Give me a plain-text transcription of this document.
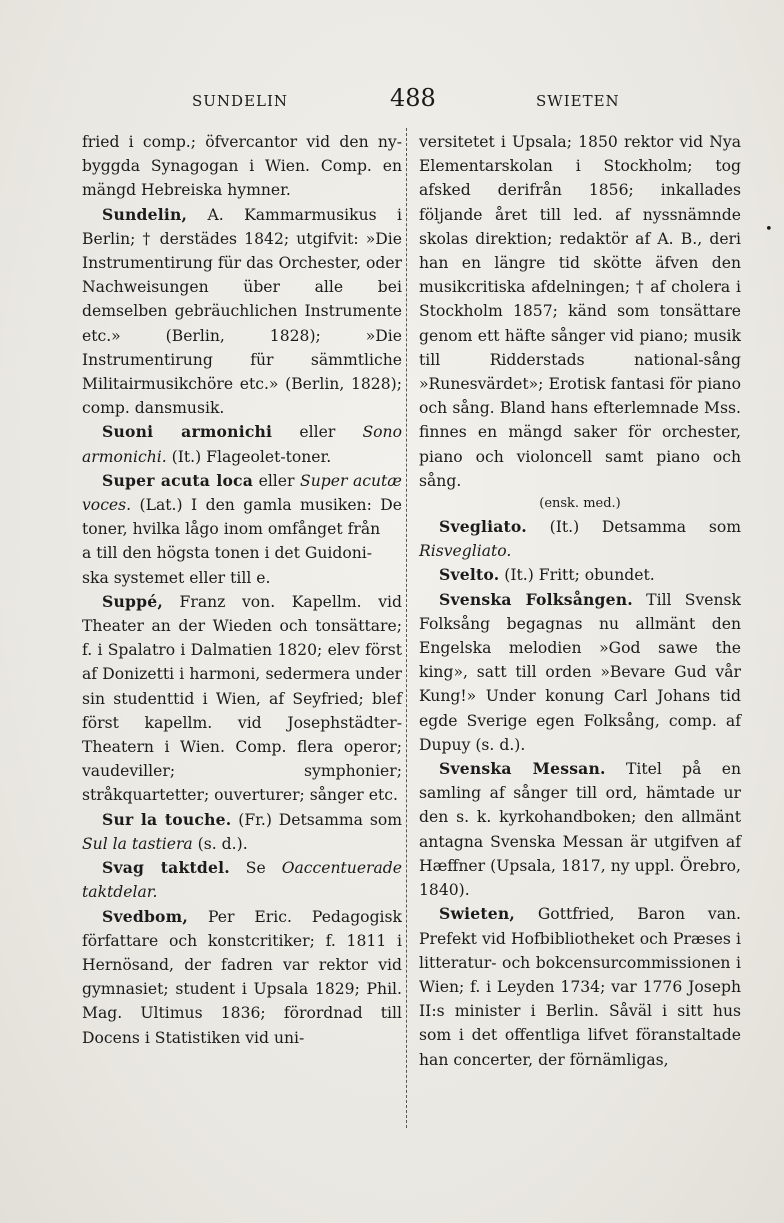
SUNDELIN	488	SWIETEN

fried i comp.; öfvercantor vid den ny-byggda Synagogan i Wien. Comp. en mängd Hebreiska hymner.

Sundelin, A. Kammarmusikus i Berlin; † derstädes 1842; utgifvit: »Die Instrumentirung für das Orchester, oder Nachweisungen über alle bei demselben gebräuchlichen Instrumente etc.» (Berlin, 1828); »Die Instrumentirung für sämmtliche Militairmusikchöre etc.» (Berlin, 1828); comp. dansmusik.

Suoni armonichi eller Sono armonichi. (It.) Flageolet-toner.

Super acuta loca eller Super acutæ voces. (Lat.) I den gamla musiken: De toner, hvilka lågo inom omfånget från

a till den högsta tonen i det Guidoni-

ska systemet eller till e.

Suppé, Franz von. Kapellm. vid Theater an der Wieden och tonsättare; f. i Spalatro i Dalmatien 1820; elev först af Donizetti i harmoni, sedermera under sin studenttid i Wien, af Seyfried; blef först kapellm. vid Josephstädter-Theatern i Wien. Comp. flera operor; vaudeviller; symphonier; stråkquartetter; ouverturer; sånger etc.

Sur la touche. (Fr.) Detsamma som Sul la tastiera (s. d.).

Svag taktdel. Se Oaccentuerade taktdelar.

Svedbom, Per Eric. Pedagogisk författare och konstcritiker; f. 1811 i Hernösand, der fadren var rektor vid gymnasiet; student i Upsala 1829; Phil. Mag. Ultimus 1836; förordnad till Docens i Statistiken vid uni-

versitetet i Upsala; 1850 rektor vid Nya Elementarskolan i Stockholm; tog afsked derifrån 1856; inkallades följande året till led. af nyssnämnde skolas direktion; redaktör af A. B., deri han en längre tid skötte äfven den musikcritiska afdelningen; † af cholera i Stockholm 1857; känd som tonsättare genom ett häfte sånger vid piano; musik till Ridderstads national-sång »Runesvärdet»; Erotisk fantasi för piano och sång. Bland hans efterlemnade Mss. finnes en mängd saker för orchester, piano och violoncell samt piano och sång.

(ensk. med.)

Svegliato. (It.) Detsamma som Risvegliato.

Svelto. (It.) Fritt; obundet.

Svenska Folksången. Till Svensk Folksång begagnas nu allmänt den Engelska melodien »God sawe the king», satt till orden »Bevare Gud vår Kung!» Under konung Carl Johans tid egde Sverige egen Folksång, comp. af Dupuy (s. d.).

Svenska Messan. Titel på en samling af sånger till ord, hämtade ur den s. k. kyrkohandboken; den allmänt antagna Svenska Messan är utgifven af Hæffner (Upsala, 1817, ny uppl. Örebro, 1840).

Swieten, Gottfried, Baron van. Prefekt vid Hofbibliotheket och Præses i litteratur- och bokcensurcommissionen i Wien; f. i Leyden 1734; var 1776 Joseph II:s minister i Berlin. Såväl i sitt hus som i det offentliga lifvet föranstaltade han concerter, der förnämligas,

•
